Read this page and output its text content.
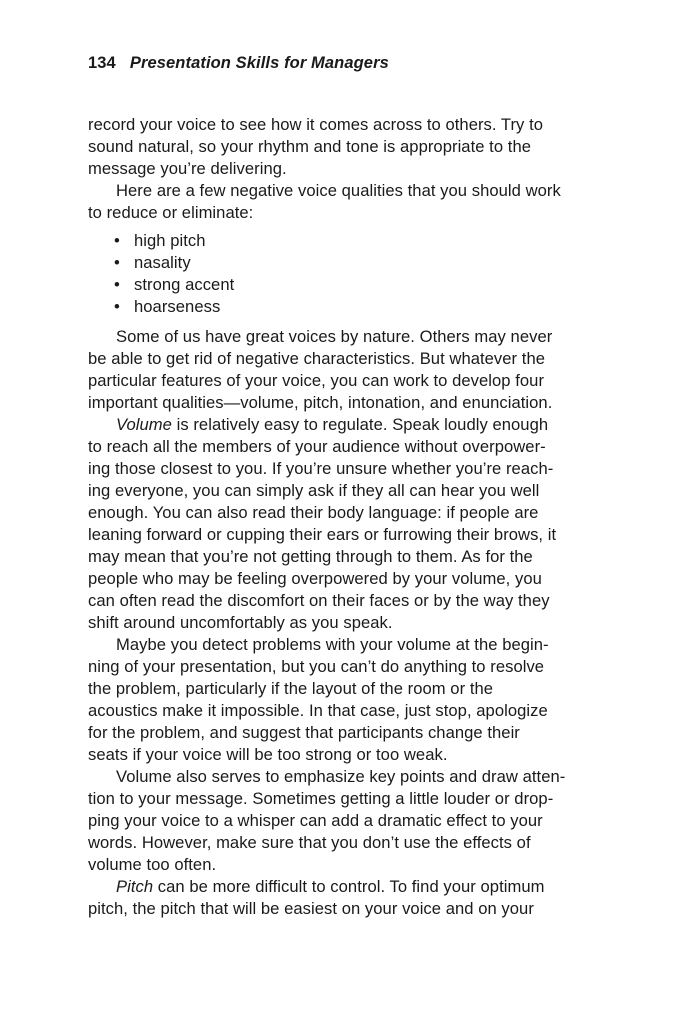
134 Presentation Skills for Managers

record your voice to see how it comes across to others. Try to
sound natural, so your rhythm and tone is appropriate to the
message you’re delivering.

Here are a few negative voice qualities that you should work
to reduce or eliminate:

• high pitch
• nasality
• strong accent
• hoarseness

Some of us have great voices by nature. Others may never
be able to get rid of negative characteristics. But whatever the
particular features of your voice, you can work to develop four
important qualities—volume, pitch, intonation, and enunciation.

Volume is relatively easy to regulate. Speak loudly enough
to reach all the members of your audience without overpower-
ing those closest to you. If you’re unsure whether you’re reach-
ing everyone, you can simply ask if they all can hear you well
enough. You can also read their body language: if people are
leaning forward or cupping their ears or furrowing their brows, it
may mean that you’re not getting through to them. As for the
people who may be feeling overpowered by your volume, you
can often read the discomfort on their faces or by the way they
shift around uncomfortably as you speak.

Maybe you detect problems with your volume at the begin-
ning of your presentation, but you can’t do anything to resolve
the problem, particularly if the layout of the room or the
acoustics make it impossible. In that case, just stop, apologize
for the problem, and suggest that participants change their
seats if your voice will be too strong or too weak.

Volume also serves to emphasize key points and draw atten-
tion to your message. Sometimes getting a little louder or drop-
ping your voice to a whisper can add a dramatic effect to your
words. However, make sure that you don’t use the effects of
volume too often.

Pitch can be more difficult to control. To find your optimum
pitch, the pitch that will be easiest on your voice and on your
